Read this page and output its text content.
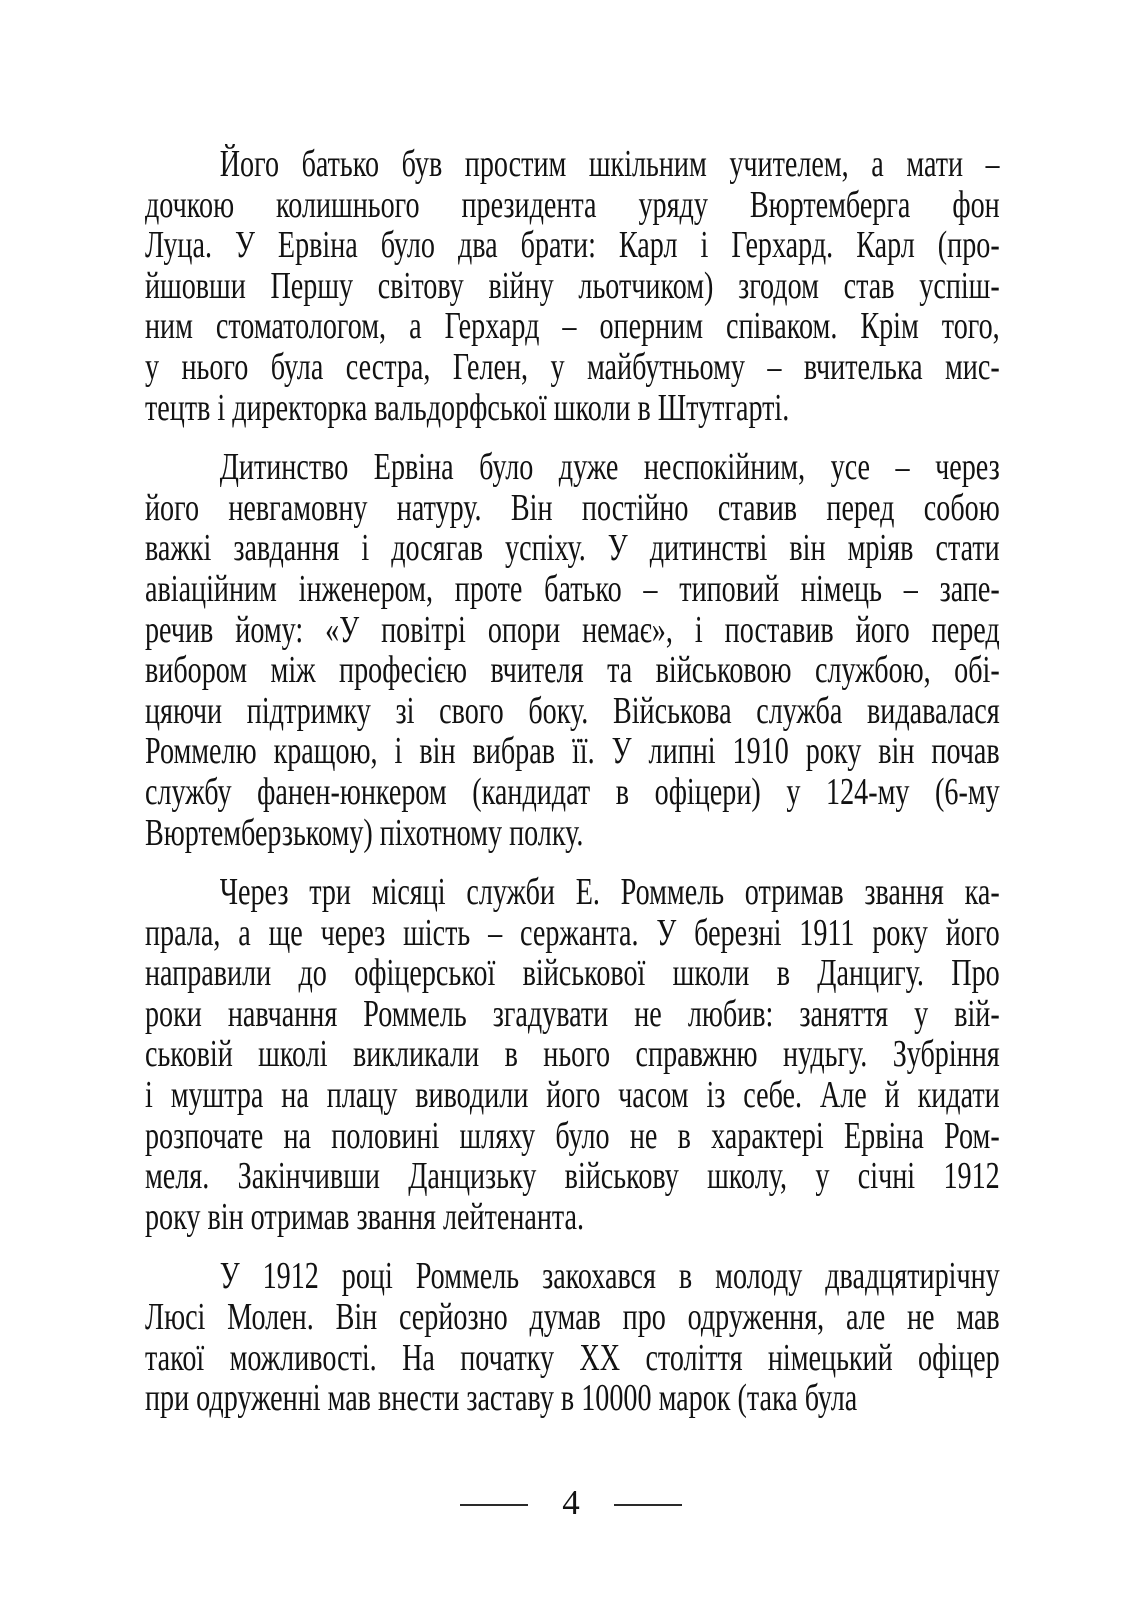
Його батько був простим шкільним учителем, а мати –
дочкою колишнього президента уряду Вюртемберга фон
Луца. У Ервіна було два брати: Карл і Герхард. Карл (про-
йшовши Першу світову війну льотчиком) згодом став успіш-
ним стоматологом, а Герхард – оперним співаком. Крім того,
у нього була сестра, Гелен, у майбутньому – вчителька мис-
тецтв і директорка вальдорфської школи в Штутгарті.
Дитинство Ервіна було дуже неспокійним, усе – через
його невгамовну натуру. Він постійно ставив перед собою
важкі завдання і досягав успіху. У дитинстві він мріяв стати
авіаційним інженером, проте батько – типовий німець – запе-
речив йому: «У повітрі опори немає», і поставив його перед
вибором між професією вчителя та військовою службою, обі-
цяючи підтримку зі свого боку. Військова служба видавалася
Роммелю кращою, і він вибрав її. У липні 1910 року він почав
службу фанен-юнкером (кандидат в офіцери) у 124-му (6-му
Вюртемберзькому) піхотному полку.
Через три місяці служби Е. Роммель отримав звання ка-
прала, а ще через шість – сержанта. У березні 1911 року його
направили до офіцерської військової школи в Данцигу. Про
роки навчання Роммель згадувати не любив: заняття у вій-
ськовій школі викликали в нього справжню нудьгу. Зубріння
і муштра на плацу виводили його часом із себе. Але й кидати
розпочате на половині шляху було не в характері Ервіна Ром-
меля. Закінчивши Данцизьку військову школу, у січні 1912
року він отримав звання лейтенанта.
У 1912 році Роммель закохався в молоду двадцятирічну
Люсі Молен. Він серйозно думав про одруження, але не мав
такої можливості. На початку ХХ століття німецький офіцер
при одруженні мав внести заставу в 10000 марок (така була
4
